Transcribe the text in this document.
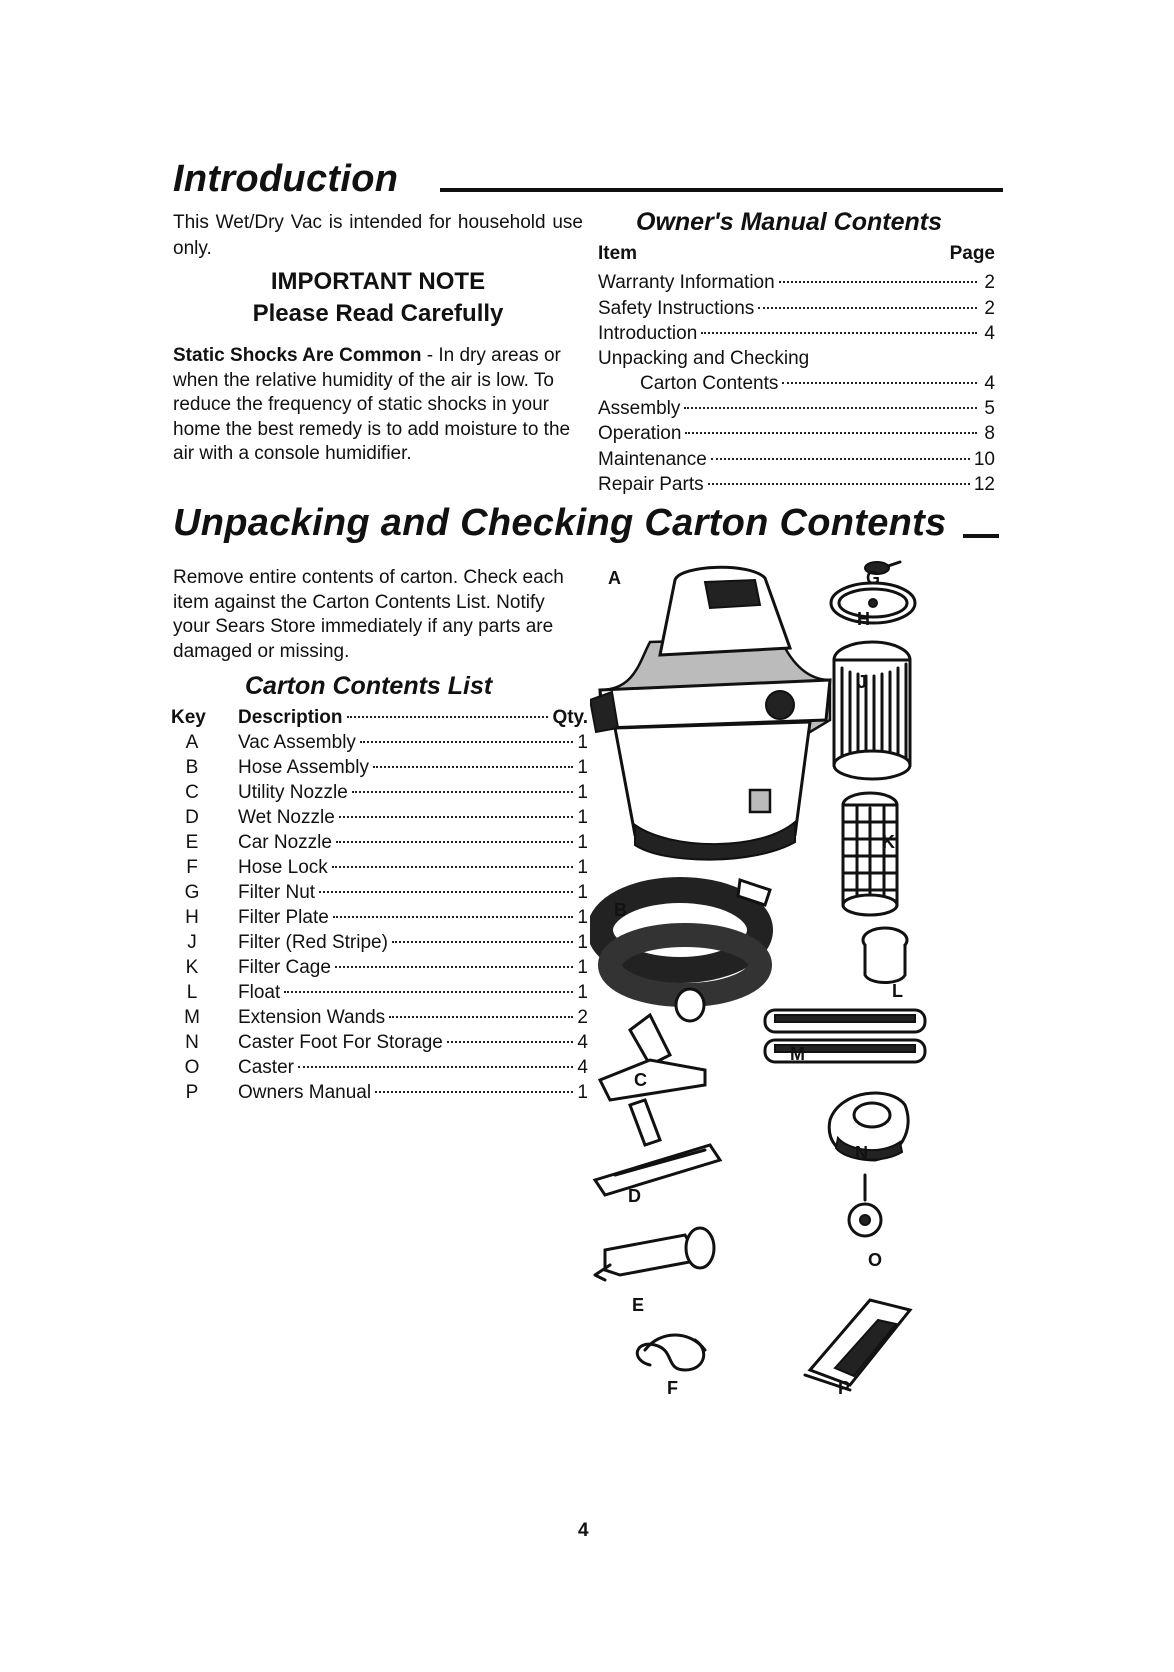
Introduction
This Wet/Dry Vac is intended for household use only.
IMPORTANT NOTE
Please Read Carefully
Static Shocks Are Common - In dry areas or when the relative humidity of the air is low. To reduce the frequency of static shocks in your home the best remedy is to add moisture to the air with a console humidifier.
Owner's Manual Contents
Item	Page
Warranty Information	2
Safety Instructions	2
Introduction	4
Unpacking and Checking
Carton Contents	4
Assembly	5
Operation	8
Maintenance	10
Repair Parts	12
Unpacking and Checking Carton Contents
Remove entire contents of carton. Check each item against the Carton Contents List. Notify your Sears Store immediately if any parts are damaged or missing.
Carton Contents List
Key Description	Qty.
A Vac Assembly	1
B Hose Assembly	1
C Utility Nozzle	1
D Wet Nozzle	1
E Car Nozzle	1
F Hose Lock	1
G Filter Nut	1
H Filter Plate	1
J Filter (Red Stripe)	1
K Filter Cage	1
L Float	1
M Extension Wands	2
N Caster Foot For Storage	4
O Caster	4
P Owners Manual	1
A	G
H
J
K
B
L
M
C
N
D
O
E
F	P
4
